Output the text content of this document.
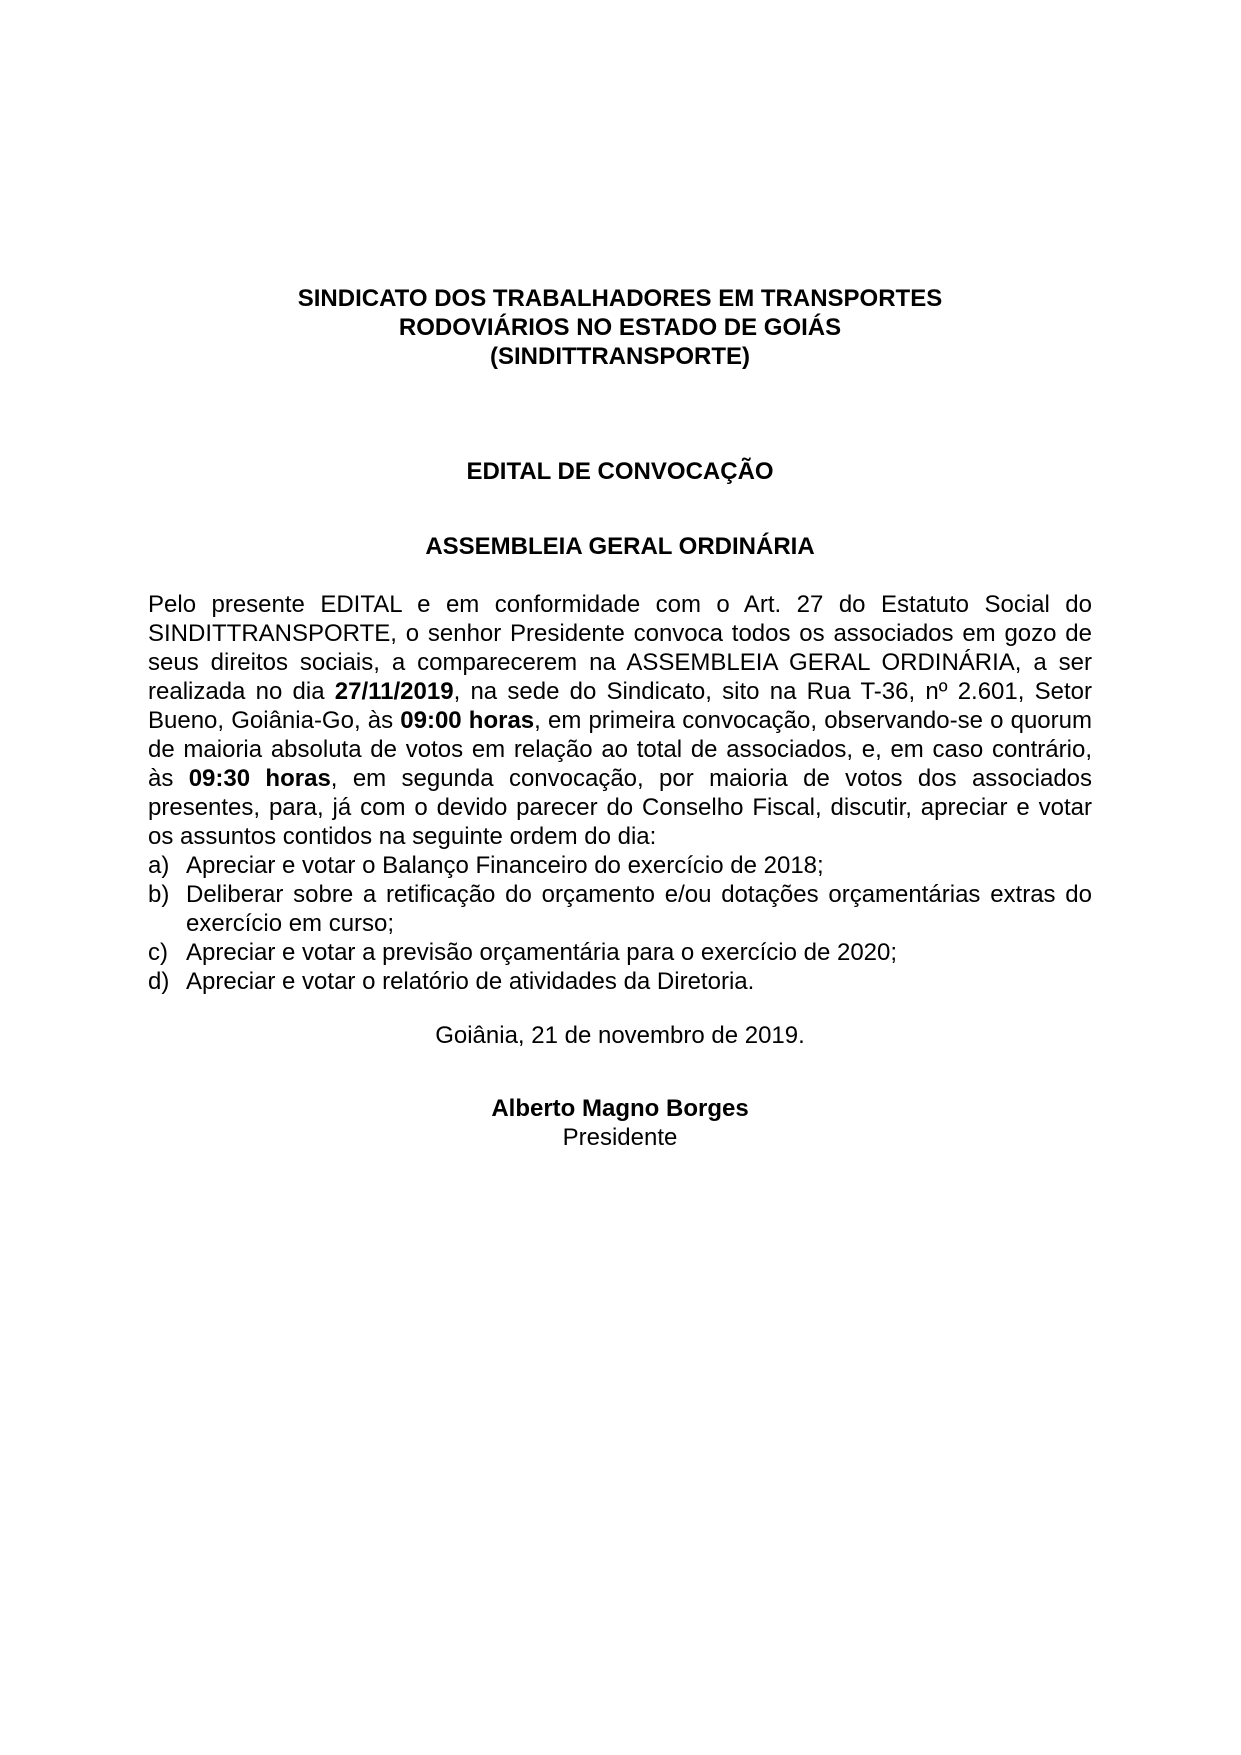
SINDICATO DOS TRABALHADORES EM TRANSPORTES
RODOVIÁRIOS NO ESTADO DE GOIÁS
(SINDITTRANSPORTE)
EDITAL DE CONVOCAÇÃO
ASSEMBLEIA GERAL ORDINÁRIA
Pelo presente EDITAL e em conformidade com o Art. 27 do Estatuto Social do SINDITTRANSPORTE, o senhor Presidente convoca todos os associados em gozo de seus direitos sociais, a comparecerem na ASSEMBLEIA GERAL ORDINÁRIA, a ser realizada no dia 27/11/2019, na sede do Sindicato, sito na Rua T-36, nº 2.601, Setor Bueno, Goiânia-Go, às 09:00 horas, em primeira convocação, observando-se o quorum de maioria absoluta de votos em relação ao total de associados, e, em caso contrário, às 09:30 horas, em segunda convocação, por maioria de votos dos associados presentes, para, já com o devido parecer do Conselho Fiscal, discutir, apreciar e votar os assuntos contidos na seguinte ordem do dia:
a) Apreciar e votar o Balanço Financeiro do exercício de 2018;
b) Deliberar sobre a retificação do orçamento e/ou dotações orçamentárias extras do exercício em curso;
c) Apreciar e votar a previsão orçamentária para o exercício de 2020;
d) Apreciar e votar o relatório de atividades da Diretoria.
Goiânia, 21 de novembro de 2019.
Alberto Magno Borges
Presidente
